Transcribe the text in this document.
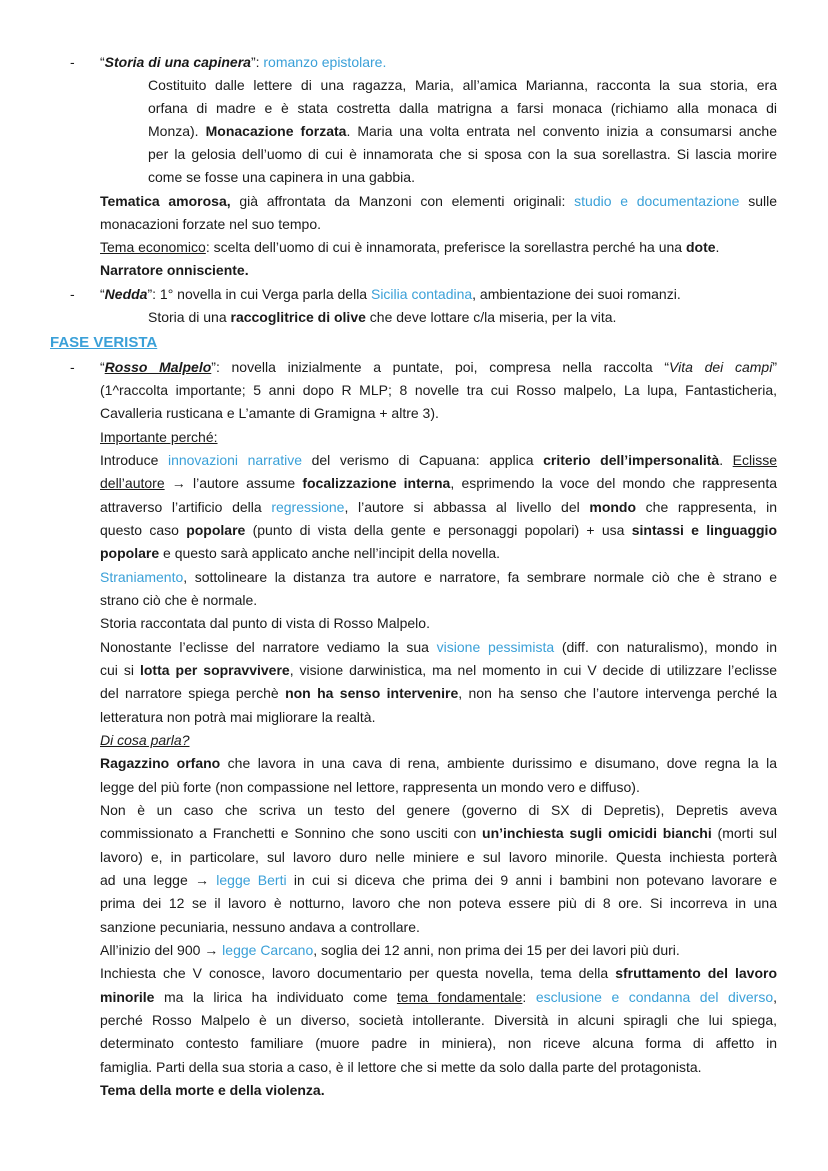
- “Storia di una capinera”: romanzo epistolare.
Costituito dalle lettere di una ragazza, Maria, all’amica Marianna, racconta la sua storia, era
orfana di madre e è stata costretta dalla matrigna a farsi monaca (richiamo alla monaca di
Monza). Monacazione forzata. Maria una volta entrata nel convento inizia a consumarsi anche
per la gelosia dell’uomo di cui è innamorata che si sposa con la sua sorellastra. Si lascia morire
come se fosse una capinera in una gabbia.
Tematica amorosa, già affrontata da Manzoni con elementi originali: studio e documentazione sulle
monacazioni forzate nel suo tempo.
Tema economico: scelta dell’uomo di cui è innamorata, preferisce la sorellastra perché ha una dote.
Narratore onnisciente.
- “Nedda”: 1° novella in cui Verga parla della Sicilia contadina, ambientazione dei suoi romanzi.
Storia di una raccoglitrice di olive che deve lottare c/la miseria, per la vita.
FASE VERISTA
- “Rosso Malpelo”: novella inizialmente a puntate, poi, compresa nella raccolta “Vita dei campi”
(1^raccolta importante; 5 anni dopo R MLP; 8 novelle tra cui Rosso malpelo, La lupa, Fantasticheria,
Cavalleria rusticana e L’amante di Gramigna + altre 3).
Importante perché:
Introduce innovazioni narrative del verismo di Capuana: applica criterio dell’impersonalità. Eclisse
dell’autore → l’autore assume focalizzazione interna, esprimendo la voce del mondo che rappresenta
attraverso l’artificio della regressione, l’autore si abbassa al livello del mondo che rappresenta, in
questo caso popolare (punto di vista della gente e personaggi popolari) + usa sintassi e linguaggio
popolare e questo sarà applicato anche nell’incipit della novella.
Straniamento, sottolineare la distanza tra autore e narratore, fa sembrare normale ciò che è strano e
strano ciò che è normale.
Storia raccontata dal punto di vista di Rosso Malpelo.
Nonostante l’eclisse del narratore vediamo la sua visione pessimista (diff. con naturalismo), mondo in
cui si lotta per sopravvivere, visione darwinistica, ma nel momento in cui V decide di utilizzare l’eclisse
del narratore spiega perchè non ha senso intervenire, non ha senso che l’autore intervenga perché la
letteratura non potrà mai migliorare la realtà.
Di cosa parla?
Ragazzino orfano che lavora in una cava di rena, ambiente durissimo e disumano, dove regna la la
legge del più forte (non compassione nel lettore, rappresenta un mondo vero e diffuso).
Non è un caso che scriva un testo del genere (governo di SX di Depretis), Depretis aveva
commissionato a Franchetti e Sonnino che sono usciti con un’inchiesta sugli omicidi bianchi (morti sul
lavoro) e, in particolare, sul lavoro duro nelle miniere e sul lavoro minorile. Questa inchiesta porterà
ad una legge → legge Berti in cui si diceva che prima dei 9 anni i bambini non potevano lavorare e
prima dei 12 se il lavoro è notturno, lavoro che non poteva essere più di 8 ore. Si incorreva in una
sanzione pecuniaria, nessuno andava a controllare.
All’inizio del 900 → legge Carcano, soglia dei 12 anni, non prima dei 15 per dei lavori più duri.
Inchiesta che V conosce, lavoro documentario per questa novella, tema della sfruttamento del lavoro
minorile ma la lirica ha individuato come tema fondamentale: esclusione e condanna del diverso,
perché Rosso Malpelo è un diverso, società intollerante. Diversità in alcuni spiragli che lui spiega,
determinato contesto familiare (muore padre in miniera), non riceve alcuna forma di affetto in
famiglia. Parti della sua storia a caso, è il lettore che si mette da solo dalla parte del protagonista.
Tema della morte e della violenza.
